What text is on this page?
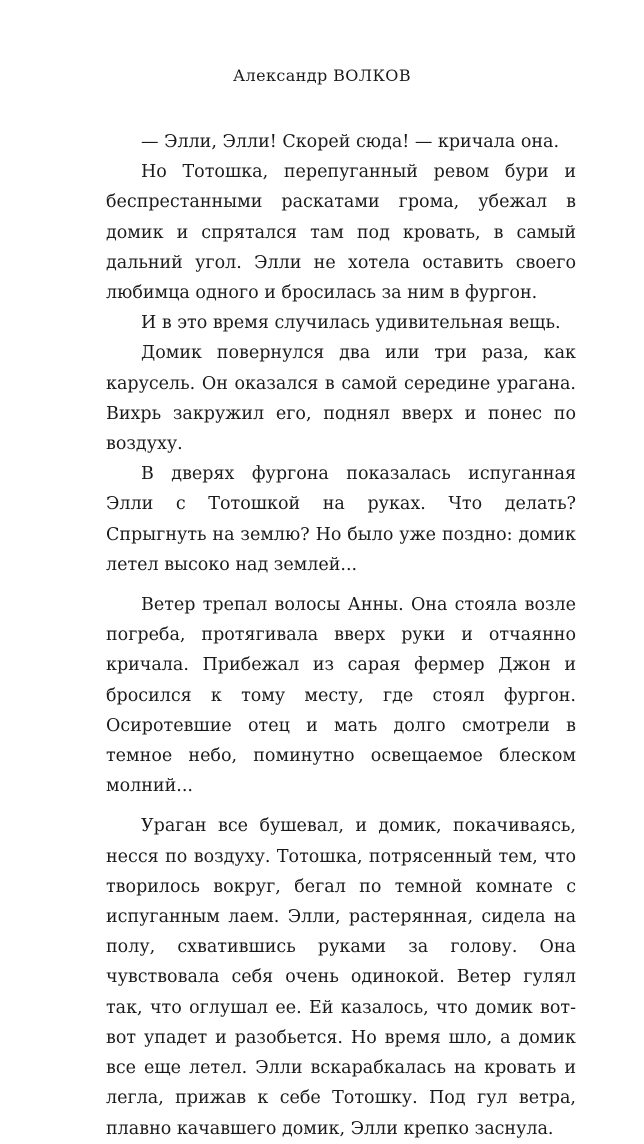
Александр ВОЛКОВ

— Элли, Элли! Скорей сюда! — кричала она.

Но Тотошка, перепуганный ревом бури и беспрестанными раскатами грома, убежал в домик и спрятался там под кровать, в самый дальний угол. Элли не хотела оставить своего любимца одного и бросилась за ним в фургон.

И в это время случилась удивительная вещь.

Домик повернулся два или три раза, как карусель. Он оказался в самой середине урагана. Вихрь закружил его, поднял вверх и понес по воздуху.

В дверях фургона показалась испуганная Элли с Тотошкой на руках. Что делать? Спрыгнуть на землю? Но было уже поздно: домик летел высоко над землей...

Ветер трепал волосы Анны. Она стояла возле погреба, протягивала вверх руки и отчаянно кричала. Прибежал из сарая фермер Джон и бросился к тому месту, где стоял фургон. Осиротевшие отец и мать долго смотрели в темное небо, поминутно освещаемое блеском молний...

Ураган все бушевал, и домик, покачиваясь, несся по воздуху. Тотошка, потрясенный тем, что творилось вокруг, бегал по темной комнате с испуганным лаем. Элли, растерянная, сидела на полу, схватившись руками за голову. Она чувствовала себя очень одинокой. Ветер гулял так, что оглушал ее. Ей казалось, что домик вот-вот упадет и разобьется. Но время шло, а домик все еще летел. Элли вскарабкалась на кровать и легла, прижав к себе Тотошку. Под гул ветра, плавно качавшего домик, Элли крепко заснула.
